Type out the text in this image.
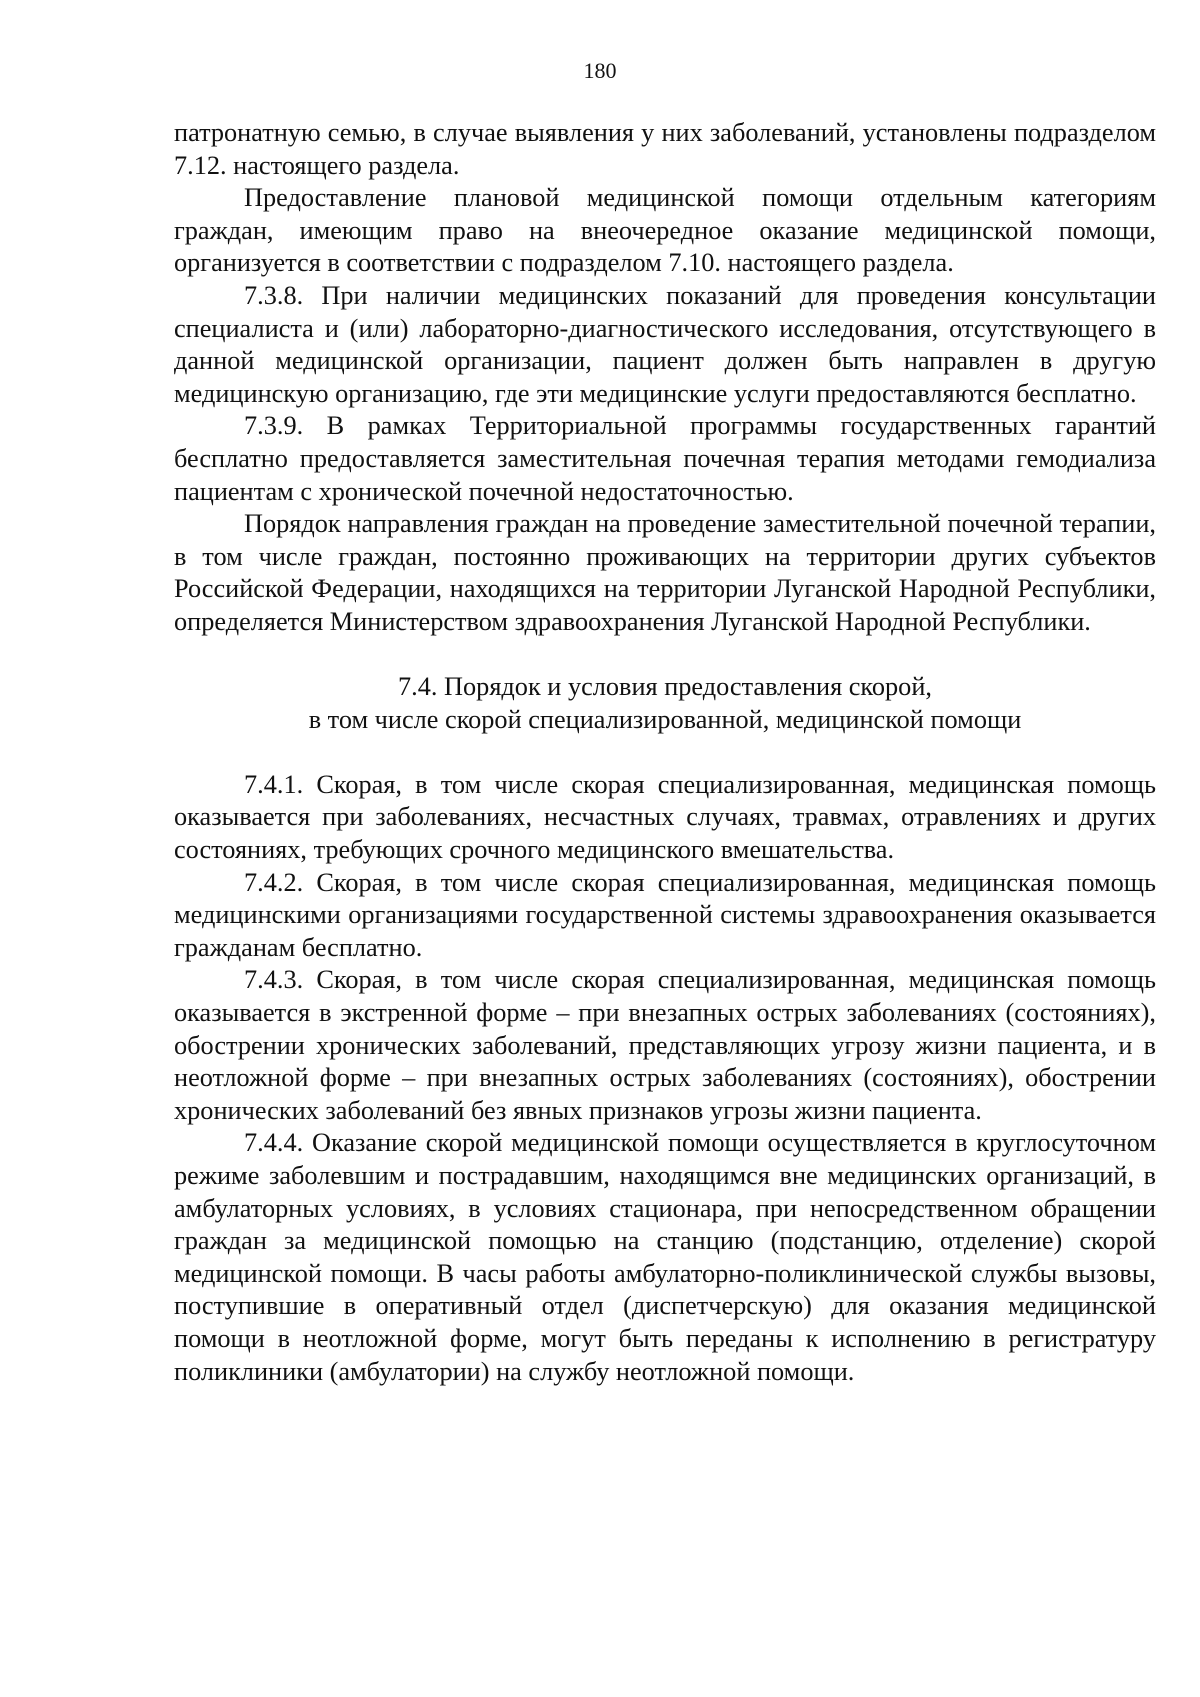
180

патронатную семью, в случае выявления у них заболеваний, установлены подразделом 7.12. настоящего раздела.

Предоставление плановой медицинской помощи отдельным категориям граждан, имеющим право на внеочередное оказание медицинской помощи, организуется в соответствии с подразделом 7.10. настоящего раздела.

7.3.8. При наличии медицинских показаний для проведения консультации специалиста и (или) лабораторно-диагностического исследования, отсутствующего в данной медицинской организации, пациент должен быть направлен в другую медицинскую организацию, где эти медицинские услуги предоставляются бесплатно.

7.3.9. В рамках Территориальной программы государственных гарантий бесплатно предоставляется заместительная почечная терапия методами гемодиализа пациентам с хронической почечной недостаточностью.

Порядок направления граждан на проведение заместительной почечной терапии, в том числе граждан, постоянно проживающих на территории других субъектов Российской Федерации, находящихся на территории Луганской Народной Республики, определяется Министерством здравоохранения Луганской Народной Республики.

7.4. Порядок и условия предоставления скорой,
в том числе скорой специализированной, медицинской помощи

7.4.1. Скорая, в том числе скорая специализированная, медицинская помощь оказывается при заболеваниях, несчастных случаях, травмах, отравлениях и других состояниях, требующих срочного медицинского вмешательства.

7.4.2. Скорая, в том числе скорая специализированная, медицинская помощь медицинскими организациями государственной системы здравоохранения оказывается гражданам бесплатно.

7.4.3. Скорая, в том числе скорая специализированная, медицинская помощь оказывается в экстренной форме – при внезапных острых заболеваниях (состояниях), обострении хронических заболеваний, представляющих угрозу жизни пациента, и в неотложной форме – при внезапных острых заболеваниях (состояниях), обострении хронических заболеваний без явных признаков угрозы жизни пациента.

7.4.4. Оказание скорой медицинской помощи осуществляется в круглосуточном режиме заболевшим и пострадавшим, находящимся вне медицинских организаций, в амбулаторных условиях, в условиях стационара, при непосредственном обращении граждан за медицинской помощью на станцию (подстанцию, отделение) скорой медицинской помощи. В часы работы амбулаторно-поликлинической службы вызовы, поступившие в оперативный отдел (диспетчерскую) для оказания медицинской помощи в неотложной форме, могут быть переданы к исполнению в регистратуру поликлиники (амбулатории) на службу неотложной помощи.
